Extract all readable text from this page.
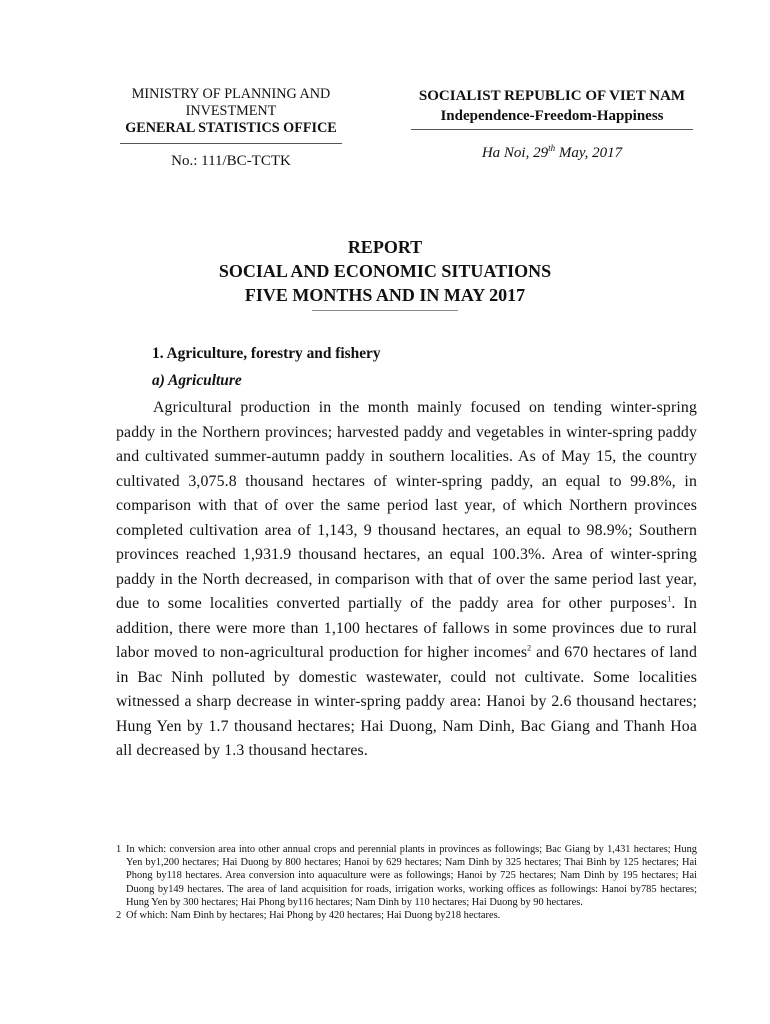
MINISTRY OF PLANNING AND
INVESTMENT
GENERAL STATISTICS OFFICE
No.: 111/BC-TCTK
SOCIALIST REPUBLIC OF VIET NAM
Independence-Freedom-Happiness
Ha Noi, 29th May, 2017
REPORT
SOCIAL AND ECONOMIC SITUATIONS
FIVE MONTHS AND IN MAY 2017
1. Agriculture, forestry and fishery
a) Agriculture

Agricultural production in the month mainly focused on tending winter-spring paddy in the Northern provinces; harvested paddy and vegetables in winter-spring paddy and cultivated summer-autumn paddy in southern localities. As of May 15, the country cultivated 3,075.8 thousand hectares of winter-spring paddy, an equal to 99.8%, in comparison with that of over the same period last year, of which Northern provinces completed cultivation area of 1,143, 9 thousand hectares, an equal to 98.9%; Southern provinces reached 1,931.9 thousand hectares, an equal 100.3%. Area of winter-spring paddy in the North decreased, in comparison with that of over the same period last year, due to some localities converted partially of the paddy area for other purposes$^1$. In addition, there were more than 1,100 hectares of fallows in some provinces due to rural labor moved to non-agricultural production for higher incomes$^2$ and 670 hectares of land in Bac Ninh polluted by domestic wastewater, could not cultivate. Some localities witnessed a sharp decrease in winter-spring paddy area: Hanoi by 2.6 thousand hectares; Hung Yen by 1.7 thousand hectares; Hai Duong, Nam Dinh, Bac Giang and Thanh Hoa all decreased by 1.3 thousand hectares.

1 In which: conversion area into other annual crops and perennial plants in provinces as followings; Bac Giang by 1,431 hectares; Hung Yen by1,200 hectares; Hai Duong by 800 hectares; Hanoi by 629 hectares; Nam Dinh by 325 hectares; Thai Binh by 125 hectares; Hai Phong by118 hectares. Area conversion into aquaculture were as followings; Hanoi by 725 hectares; Nam Dinh by 195 hectares; Hai Duong by149 hectares. The area of land acquisition for roads, irrigation works, working offices as followings: Hanoi by785 hectares; Hung Yen by 300 hectares; Hai Phong by116 hectares; Nam Dinh by 110 hectares; Hai Duong by 90 hectares.
2 Of which: Nam Đinh by hectares; Hai Phong by 420 hectares; Hai Duong by218 hectares.
